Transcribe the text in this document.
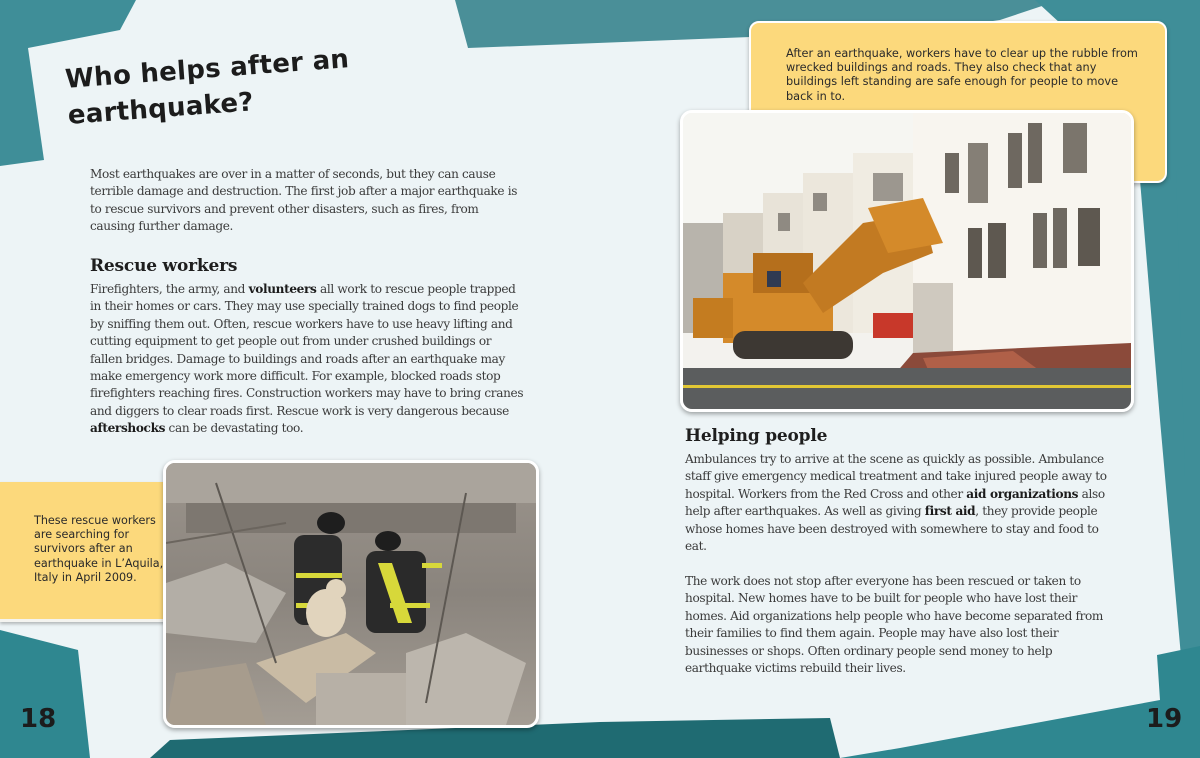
Who helps after an
earthquake?
Most earthquakes are over in a matter of seconds, but they can cause terrible damage and destruction. The first job after a major earthquake is to rescue survivors and prevent other disasters, such as fires, from causing further damage.
Rescue workers
Firefighters, the army, and volunteers all work to rescue people trapped in their homes or cars. They may use specially trained dogs to find people by sniffing them out. Often, rescue workers have to use heavy lifting and cutting equipment to get people out from under crushed buildings or fallen bridges. Damage to buildings and roads after an earthquake may make emergency work more difficult. For example, blocked roads stop firefighters reaching fires. Construction workers may have to bring cranes and diggers to clear roads first. Rescue work is very dangerous because aftershocks can be devastating too.
These rescue workers are searching for survivors after an earthquake in L’Aquila, Italy in April 2009.
18
After an earthquake, workers have to clear up the rubble from wrecked buildings and roads. They also check that any buildings left standing are safe enough for people to move back in to.
Helping people
Ambulances try to arrive at the scene as quickly as possible. Ambulance staff give emergency medical treatment and take injured people away to hospital. Workers from the Red Cross and other aid organizations also help after earthquakes. As well as giving first aid, they provide people whose homes have been destroyed with somewhere to stay and food to eat.
The work does not stop after everyone has been rescued or taken to hospital. New homes have to be built for people who have lost their homes. Aid organizations help people who have become separated from their families to find them again. People may have also lost their businesses or shops. Often ordinary people send money to help earthquake victims rebuild their lives.
19
